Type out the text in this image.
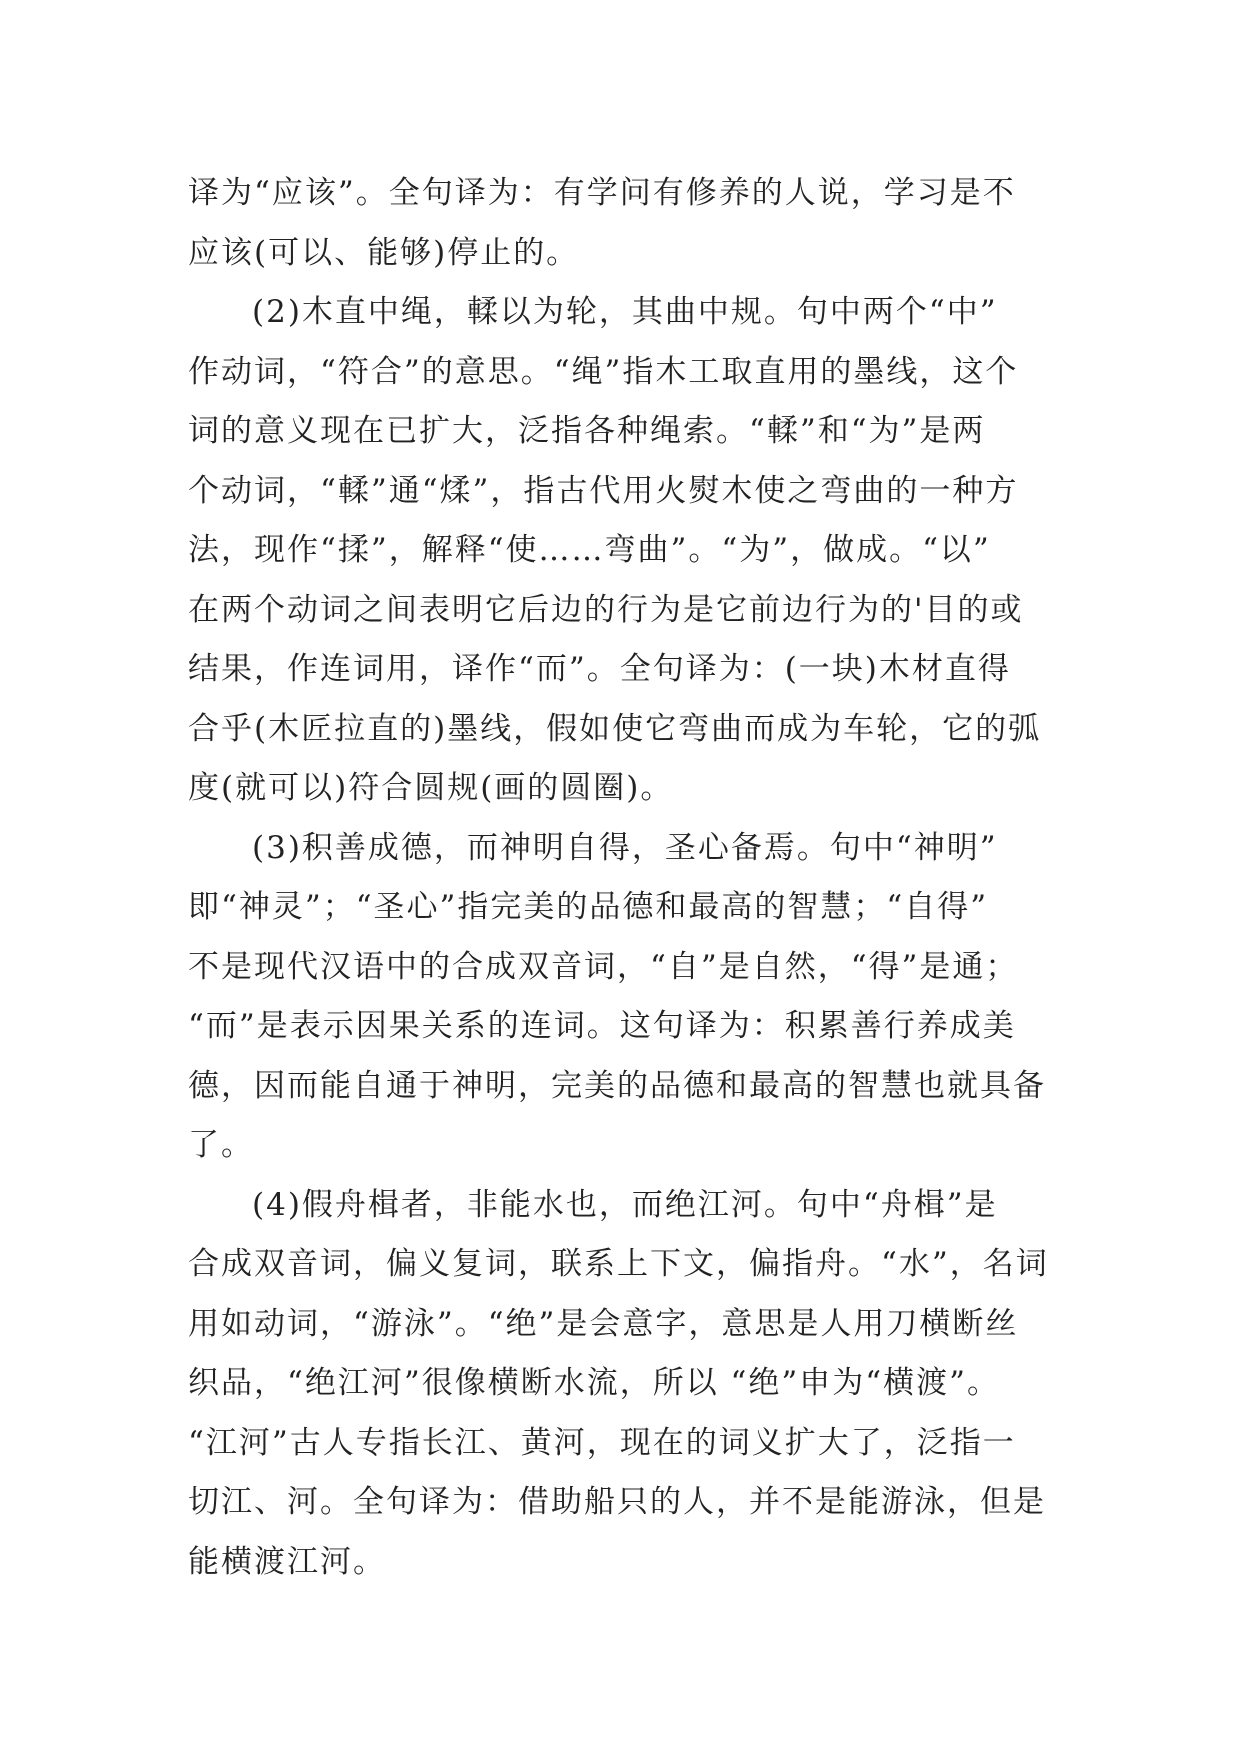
译为“应该”。全句译为：有学问有修养的人说，学习是不
应该(可以、能够)停止的。
(2)木直中绳，輮以为轮，其曲中规。句中两个“中”
作动词，“符合”的意思。“绳”指木工取直用的墨线，这个
词的意义现在已扩大，泛指各种绳索。“輮”和“为”是两
个动词，“輮”通“煣”，指古代用火熨木使之弯曲的一种方
法，现作“揉”，解释“使……弯曲”。“为”，做成。“以”
在两个动词之间表明它后边的行为是它前边行为的'目的或
结果，作连词用，译作“而”。全句译为：(一块)木材直得
合乎(木匠拉直的)墨线，假如使它弯曲而成为车轮，它的弧
度(就可以)符合圆规(画的圆圈)。
(3)积善成德，而神明自得，圣心备焉。句中“神明”
即“神灵”；“圣心”指完美的品德和最高的智慧；“自得”
不是现代汉语中的合成双音词，“自”是自然，“得”是通；
“而”是表示因果关系的连词。这句译为：积累善行养成美
德，因而能自通于神明，完美的品德和最高的智慧也就具备
了。
(4)假舟楫者，非能水也，而绝江河。句中“舟楫”是
合成双音词，偏义复词，联系上下文，偏指舟。“水”，名词
用如动词，“游泳”。“绝”是会意字，意思是人用刀横断丝
织品，“绝江河”很像横断水流，所以 “绝”申为“横渡”。
“江河”古人专指长江、黄河，现在的词义扩大了，泛指一
切江、河。全句译为：借助船只的人，并不是能游泳，但是
能横渡江河。
